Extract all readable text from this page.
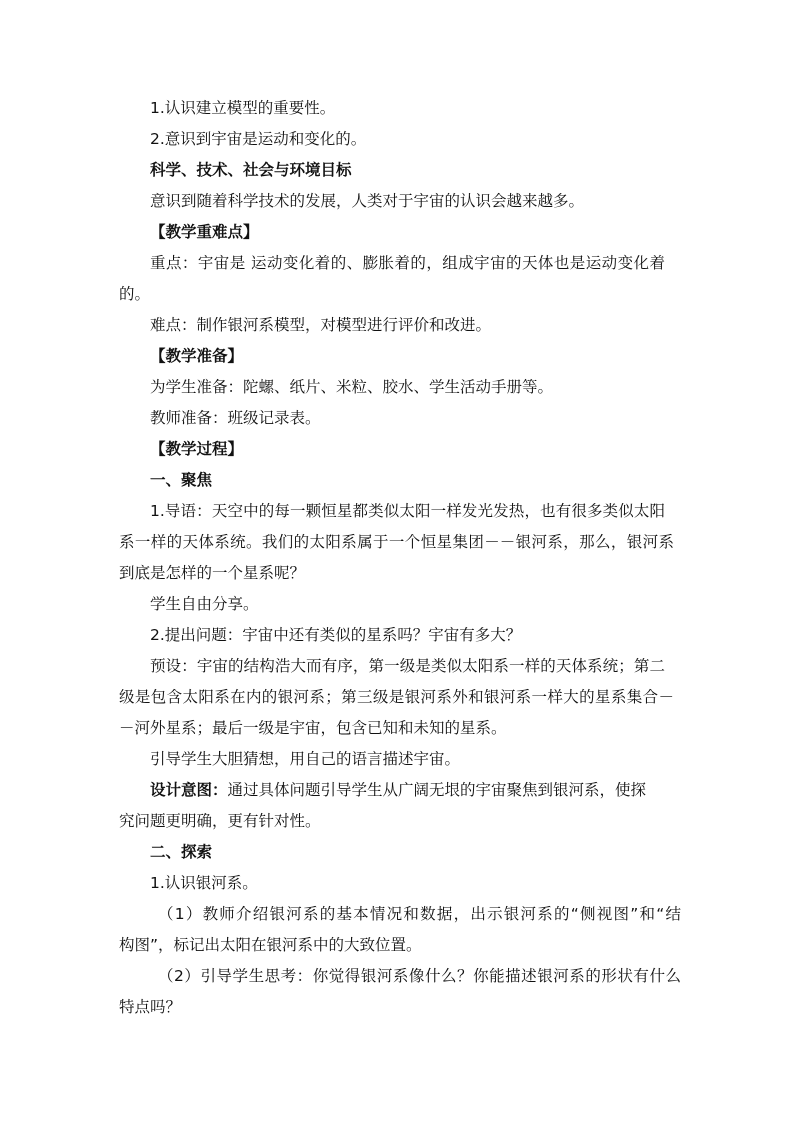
1.认识建立模型的重要性。
2.意识到宇宙是运动和变化的。
科学、技术、社会与环境目标
意识到随着科学技术的发展，人类对于宇宙的认识会越来越多。
【教学重难点】
重点：宇宙是 运动变化着的、膨胀着的，组成宇宙的天体也是运动变化着
的。
难点：制作银河系模型，对模型进行评价和改进。
【教学准备】
为学生准备：陀螺、纸片、米粒、胶水、学生活动手册等。
教师准备：班级记录表。
【教学过程】
一、聚焦
1.导语：天空中的每一颗恒星都类似太阳一样发光发热，也有很多类似太阳
系一样的天体系统。我们的太阳系属于一个恒星集团－－银河系，那么，银河系
到底是怎样的一个星系呢？
学生自由分享。
2.提出问题：宇宙中还有类似的星系吗？宇宙有多大？
预设：宇宙的结构浩大而有序，第一级是类似太阳系一样的天体系统；第二
级是包含太阳系在内的银河系；第三级是银河系外和银河系一样大的星系集合－
－河外星系；最后一级是宇宙，包含已知和未知的星系。
引导学生大胆猜想，用自己的语言描述宇宙。
设计意图：通过具体问题引导学生从广阔无垠的宇宙聚焦到银河系，使探
究问题更明确，更有针对性。
二、探索
1.认识银河系。
（1）教师介绍银河系的基本情况和数据，出示银河系的“侧视图”和“结
构图”，标记出太阳在银河系中的大致位置。
（2）引导学生思考：你觉得银河系像什么？你能描述银河系的形状有什么
特点吗？
